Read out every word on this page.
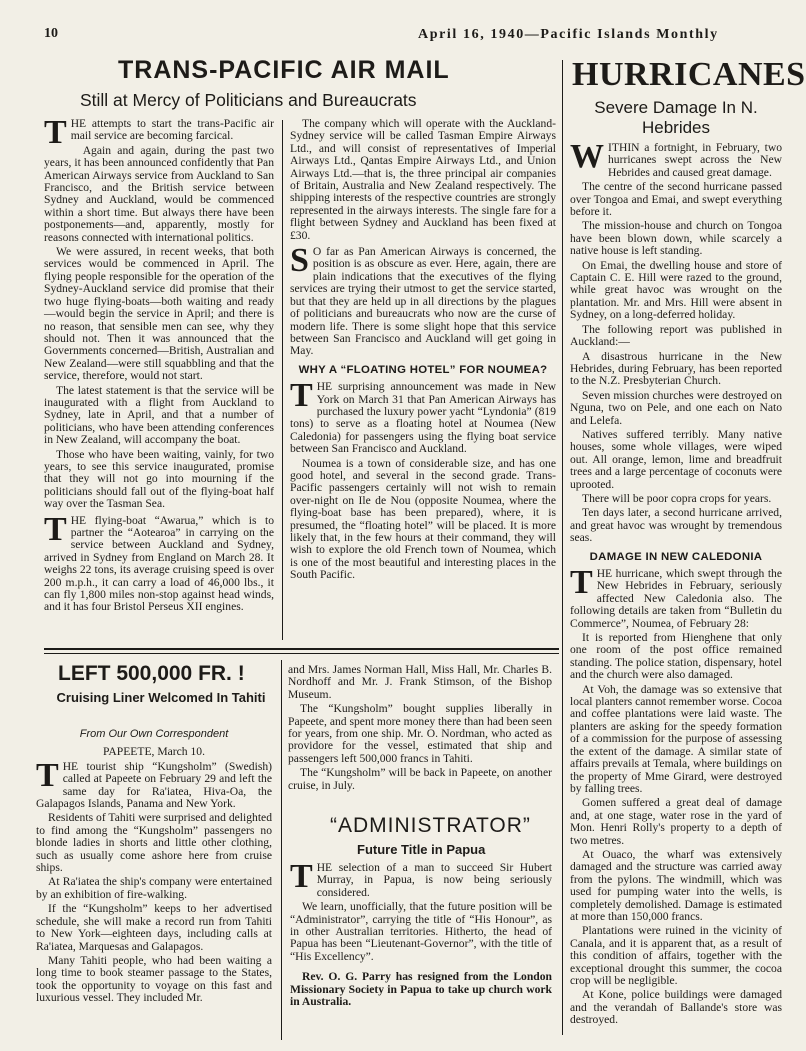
10	April 16, 1940—Pacific Islands Monthly
TRANS-PACIFIC AIR MAIL
Still at Mercy of Politicians and Bureaucrats

THE attempts to start the trans-Pacific air mail service are becoming farcical.

Again and again, during the past two years, it has been announced confidently that Pan American Airways service from Auckland to San Francisco, and the British service between Sydney and Auckland, would be commenced within a short time. But always there have been postponements—and, apparently, mostly for reasons connected with international politics.

We were assured, in recent weeks, that both services would be commenced in April. The flying people responsible for the operation of the Sydney-Auckland service did promise that their two huge flying-boats—both waiting and ready—would begin the service in April; and there is no reason, that sensible men can see, why they should not. Then it was announced that the Governments concerned—British, Australian and New Zealand—were still squabbling and that the service, therefore, would not start.

The latest statement is that the service will be inaugurated with a flight from Auckland to Sydney, late in April, and that a number of politicians, who have been attending conferences in New Zealand, will accompany the boat.

Those who have been waiting, vainly, for two years, to see this service inaugurated, promise that they will not go into mourning if the politicians should fall out of the flying-boat half way over the Tasman Sea.

THE flying-boat “Awarua,” which is to partner the “Aotearoa” in carrying on the service between Auckland and Sydney, arrived in Sydney from England on March 28. It weighs 22 tons, its average cruising speed is over 200 m.p.h., it can carry a load of 46,000 lbs., it can fly 1,800 miles non-stop against head winds, and it has four Bristol Perseus XII engines.

The company which will operate with the Auckland-Sydney service will be called Tasman Empire Airways Ltd., and will consist of representatives of Imperial Airways Ltd., Qantas Empire Airways Ltd., and Union Airways Ltd.—that is, the three principal air companies of Britain, Australia and New Zealand respectively. The shipping interests of the respective countries are strongly represented in the airways interests. The single fare for a flight between Sydney and Auckland has been fixed at £30.

S O far as Pan American Airways is concerned, the position is as obscure as ever. Here, again, there are plain indications that the executives of the flying services are trying their utmost to get the service started, but that they are held up in all directions by the plagues of politicians and bureaucrats who now are the curse of modern life. There is some slight hope that this service between San Francisco and Auckland will get going in May.

WHY A “FLOATING HOTEL” FOR NOUMEA?

THE surprising announcement was made in New York on March 31 that Pan American Airways has purchased the luxury power yacht “Lyndonia” (819 tons) to serve as a floating hotel at Noumea (New Caledonia) for passengers using the flying boat service between San Francisco and Auckland.

Noumea is a town of considerable size, and has one good hotel, and several in the second grade. Trans-Pacific passengers certainly will not wish to remain over-night on Ile de Nou (opposite Noumea, where the flying-boat base has been prepared), where, it is presumed, the “floating hotel” will be placed. It is more likely that, in the few hours at their command, they will wish to explore the old French town of Noumea, which is one of the most beautiful and interesting places in the South Pacific.

HURRICANES
Severe Damage In N. Hebrides

WITHIN a fortnight, in February, two hurricanes swept across the New Hebrides and caused great damage.

The centre of the second hurricane passed over Tongoa and Emai, and swept everything before it.

The mission-house and church on Tongoa have been blown down, while scarcely a native house is left standing.

On Emai, the dwelling house and store of Captain C. E. Hill were razed to the ground, while great havoc was wrought on the plantation. Mr. and Mrs. Hill were absent in Sydney, on a long-deferred holiday.

The following report was published in Auckland:—

A disastrous hurricane in the New Hebrides, during February, has been reported to the N.Z. Presbyterian Church.

Seven mission churches were destroyed on Nguna, two on Pele, and one each on Nato and Lelefa.

Natives suffered terribly. Many native houses, some whole villages, were wiped out. All orange, lemon, lime and breadfruit trees and a large percentage of coconuts were uprooted.

There will be poor copra crops for years.

Ten days later, a second hurricane arrived, and great havoc was wrought by tremendous seas.

DAMAGE IN NEW CALEDONIA

THE hurricane, which swept through the New Hebrides in February, seriously affected New Caledonia also. The following details are taken from “Bulletin du Commerce”, Noumea, of February 28:

It is reported from Hienghene that only one room of the post office remained standing. The police station, dispensary, hotel and the church were also damaged.

At Voh, the damage was so extensive that local planters cannot remember worse. Cocoa and coffee plantations were laid waste. The planters are asking for the speedy formation of a commission for the purpose of assessing the extent of the damage. A similar state of affairs prevails at Temala, where buildings on the property of Mme Girard, were destroyed by falling trees.

Gomen suffered a great deal of damage and, at one stage, water rose in the yard of Mon. Henri Rolly's property to a depth of two metres.

At Ouaco, the wharf was extensively damaged and the structure was carried away from the pylons. The windmill, which was used for pumping water into the wells, is completely demolished. Damage is estimated at more than 150,000 francs.

Plantations were ruined in the vicinity of Canala, and it is apparent that, as a result of this condition of affairs, together with the exceptional drought this summer, the cocoa crop will be negligible.

At Kone, police buildings were damaged and the verandah of Ballande's store was destroyed.

LEFT 500,000 FR. !
Cruising Liner Welcomed In Tahiti
From Our Own Correspondent

PAPEETE, March 10.

THE tourist ship “Kungsholm” (Swedish) called at Papeete on February 29 and left the same day for Ra'iatea, Hiva-Oa, the Galapagos Islands, Panama and New York.

Residents of Tahiti were surprised and delighted to find among the “Kungsholm” passengers no blonde ladies in shorts and little other clothing, such as usually come ashore here from cruise ships.

At Ra'iatea the ship's company were entertained by an exhibition of fire-walking.

If the “Kungsholm” keeps to her advertised schedule, she will make a record run from Tahiti to New York—eighteen days, including calls at Ra'iatea, Marquesas and Galapagos.

Many Tahiti people, who had been waiting a long time to book steamer passage to the States, took the opportunity to voyage on this fast and luxurious vessel. They included Mr.

and Mrs. James Norman Hall, Miss Hall, Mr. Charles B. Nordhoff and Mr. J. Frank Stimson, of the Bishop Museum.

The “Kungsholm” bought supplies liberally in Papeete, and spent more money there than had been seen for years, from one ship. Mr. O. Nordman, who acted as providore for the vessel, estimated that ship and passengers left 500,000 francs in Tahiti.

The “Kungsholm” will be back in Papeete, on another cruise, in July.

“ADMINISTRATOR”
Future Title in Papua

THE selection of a man to succeed Sir Hubert Murray, in Papua, is now being seriously considered.

We learn, unofficially, that the future position will be “Administrator”, carrying the title of “His Honour”, as in other Australian territories. Hitherto, the head of Papua has been “Lieutenant-Governor”, with the title of “His Excellency”.

Rev. O. G. Parry has resigned from the London Missionary Society in Papua to take up church work in Australia.
